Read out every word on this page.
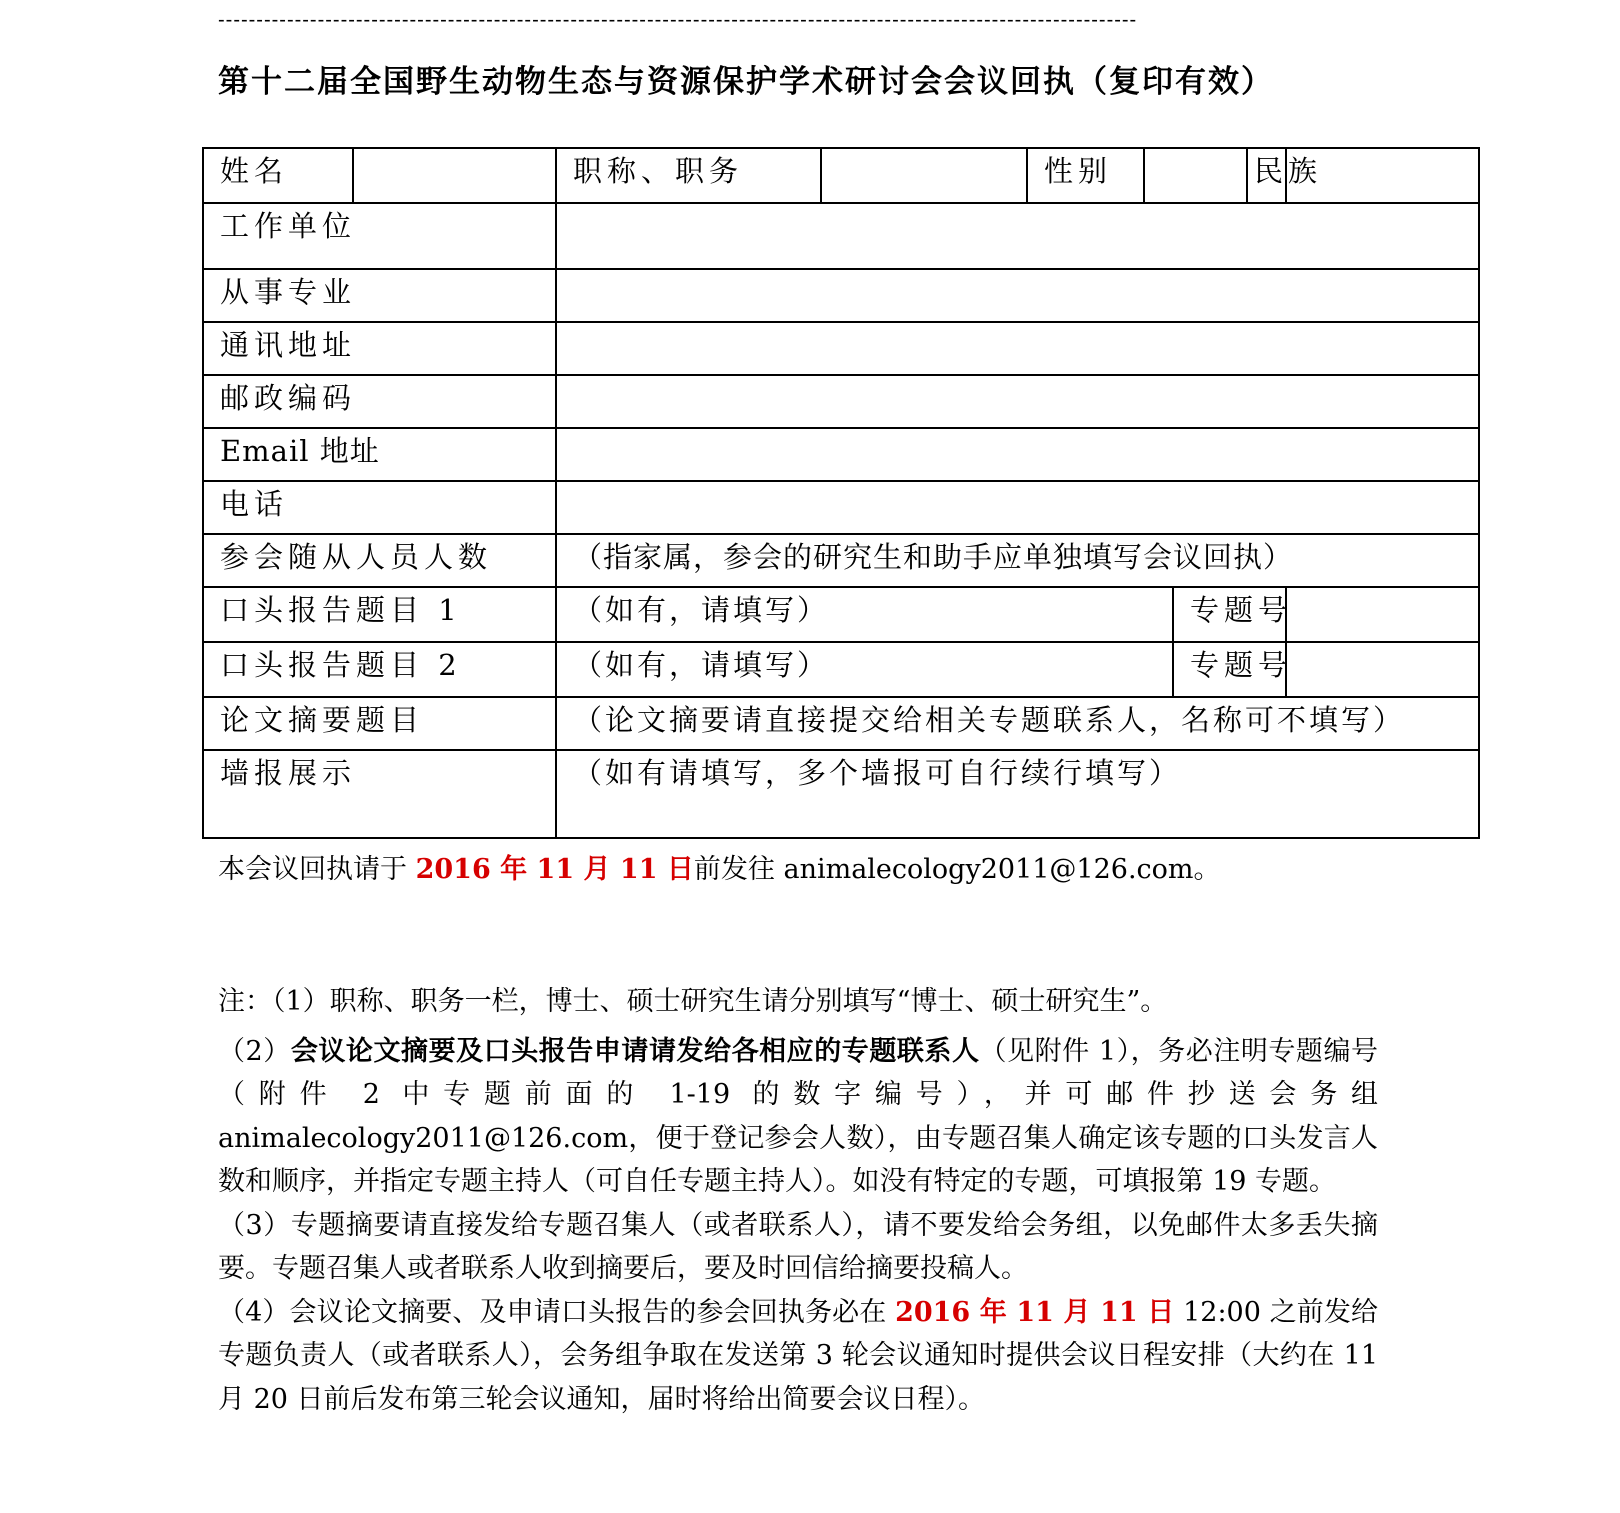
------------------------------------------------------------------------------------------------------------------------
第十二届全国野生动物生态与资源保护学术研讨会会议回执（复印有效）
姓名		职称、职务		性别			民族	
工作单位								
从事专业								
通讯地址								
邮政编码								
Email 地址								
电话								
参会随从人员人数		（指家属，参会的研究生和助手应单独填写会议回执）						
口头报告题目 1		（如有，请填写）				专题号		
口头报告题目 2		（如有，请填写）				专题号		
论文摘要题目		（论文摘要请直接提交给相关专题联系人，名称可不填写）						
墙报展示		（如有请填写，多个墙报可自行续行填写）						
本会议回执请于 2016 年 11 月 11 日前发往 animalecology2011@126.com。

注：（1）职称、职务一栏，博士、硕士研究生请分别填写“博士、硕士研究生”。

（2）会议论文摘要及口头报告申请请发给各相应的专题联系人（见附件 1），务必注明专题编号（附件 2 中专题前面的 1-19 的数字编号），并可邮件抄送会务组 animalecology2011@126.com，便于登记参会人数），由专题召集人确定该专题的口头发言人数和顺序，并指定专题主持人（可自任专题主持人）。如没有特定的专题，可填报第 19 专题。

（3）专题摘要请直接发给专题召集人（或者联系人），请不要发给会务组，以免邮件太多丢失摘要。专题召集人或者联系人收到摘要后，要及时回信给摘要投稿人。

（4）会议论文摘要、及申请口头报告的参会回执务必在 2016 年 11 月 11 日 12:00 之前发给专题负责人（或者联系人），会务组争取在发送第 3 轮会议通知时提供会议日程安排（大约在 11 月 20 日前后发布第三轮会议通知，届时将给出简要会议日程）。
